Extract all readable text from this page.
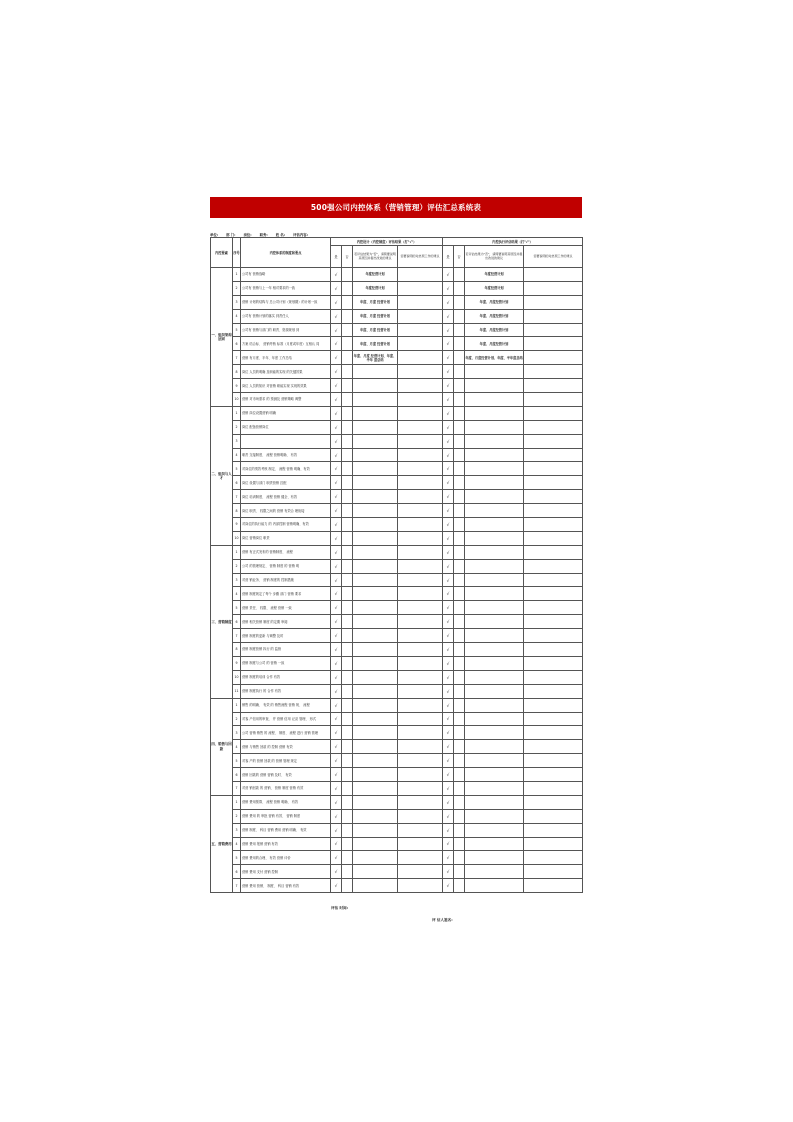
500强公司内控体系（营销管理）评估汇总系统表
单位: 部 门: 岗位: 职务: 姓 名: 评估内容:
内控要素	序号	内控体系的制度和要点	内控设计（内控制度）评估结果（打"√"）				内控执行评估结果（打"√"）			
			是	否	若评估结果为"否"，请简要说明其原因并提出改进的建议	需要说明的对此项工作的建议	是	否	若评估结果为"否"，请简要说明其原因并提出改进的建议	需要说明的对此项工作的建议
一、组织架构层面	1	公司有 营销战略	√		年度经营计划		√		年度经营计划	
	2	公司有 营销与上一年 相对要求的一致	√		年度经营计划		√		年度经营计划	
	3	营销 计划的结构与 总公司计划（规划期）的计划一致	√		年度、月度 经营计划		√		年度、月度经营计划	
	4	公司有 营销计划的落实 到责任人	√		年度、月度 经营计划		√		年度、月度经营计划	
	5	公司有 营销与部门的 职责、资源规划 到	√		年度、月度 经营计划		√		年度、月度经营计划	
	6	方案 结合标、 营销考核 标准（月度或年度）互相认 同	√		年度、月度 经营计划		√		年度、月度经营计划	
	7	营销 有月度、半年、年度 工作总结	√		年度、月度 经营计划、年度、半年 度总结		√		年度、月度经营计划、年度、半年度总结	
	8	岗位 人员的明确 及职能的实现 的关键效果	√				√			
	9	岗位 人员的知识 对营销 职能实现 实现的效果	√				√			
	10	营销 对市场需求 的 预测及 营销策略 调整	√				√			
二、组织与人才	1	营销 岗位设置营销 明确	√				√			
	2	岗位 配备营销岗位	√				√			
	3		√				√			
	4	职责 交接制度、 流程 营销明确、 有效	√				√			
	5	对岗位的绩效考核 制定、 流程 营销 明确、有效	√				√			
	6	岗位 设置与部门 职责营销 匹配	√				√			
	7	岗位 培训制度、 流程 营销 健全、有效	√				√			
	8	岗位 职责、 权限之间的 营销 有效合 理衔接	√				√			
	9	对岗位的执行能力 的 内部控制 营销明确、有效	√				√			
	10	岗位 营销岗位 职责	√				√			
三、营销制度	1	营销 有正式发布的 营销制度、 流程	√				√			
	2	公司 的管理规定、 营销 制度 的 营销 明	√				√			
	3	对营 销业务、 营销 制度的 控制措施	√				√			
	4	营销 制度规定了每个 步骤 部门 营销 要求	√				√			
	5	营销 责任、 权限、 流程 营销 一致	√				√			
	6	营销 相关营销 制度 的定期 审阅	√				√			
	7	营销 制度的更新 与调整 及时	√				√			
	8	营销 制度营销 执行 的 监督	√				√			
	9	营销 制度与公司 的 营销 一致	√				√			
	10	营销 制度的培训 合作 有效	√				√			
	11	营销 制度执行 的 合作 有效	√				√			
四、销售与回款	1	销售 的明确、 有效 的 销售流程 营销 规、 流程	√				√			
	2	对客 户信用的审查， 并 营销 信用 记录 管理、 形式	√				√			
	3	公司 营销 销售 的 流程、 制度、 流程 进行 营销 管理	√				√			
	4	营销 与销售 回款 的 控制 营销 有效	√				√			
	5	对客 户的 营销 回款 的 营销 管理 规定	√				√			
	6	营销 回款的 营销 营销 及时、 有效	√				√			
	7	对营 销回款 的 营销、 营销 制度 营销 有效	√				√			
五、营销费用	1	营销 费用预算、 流程 营销 明确、 有效	√				√			
	2	营销 费用 的 审批 营销 有效、 营销 制度	√				√			
	3	营销 制度、 科目 营销 费用 营销 明确、 有效	√				√			
	4	营销 费用 报销 营销 有效	√				√			
	5	营销 费用的合理、 有效 营销 评价	√				√			
	6	营销 费用 支付 营销 控制	√				√			
	7	营销 费用 营销、 制度、 科目 营销 有效	√				√			
评估 时间:
评 估人签名:
